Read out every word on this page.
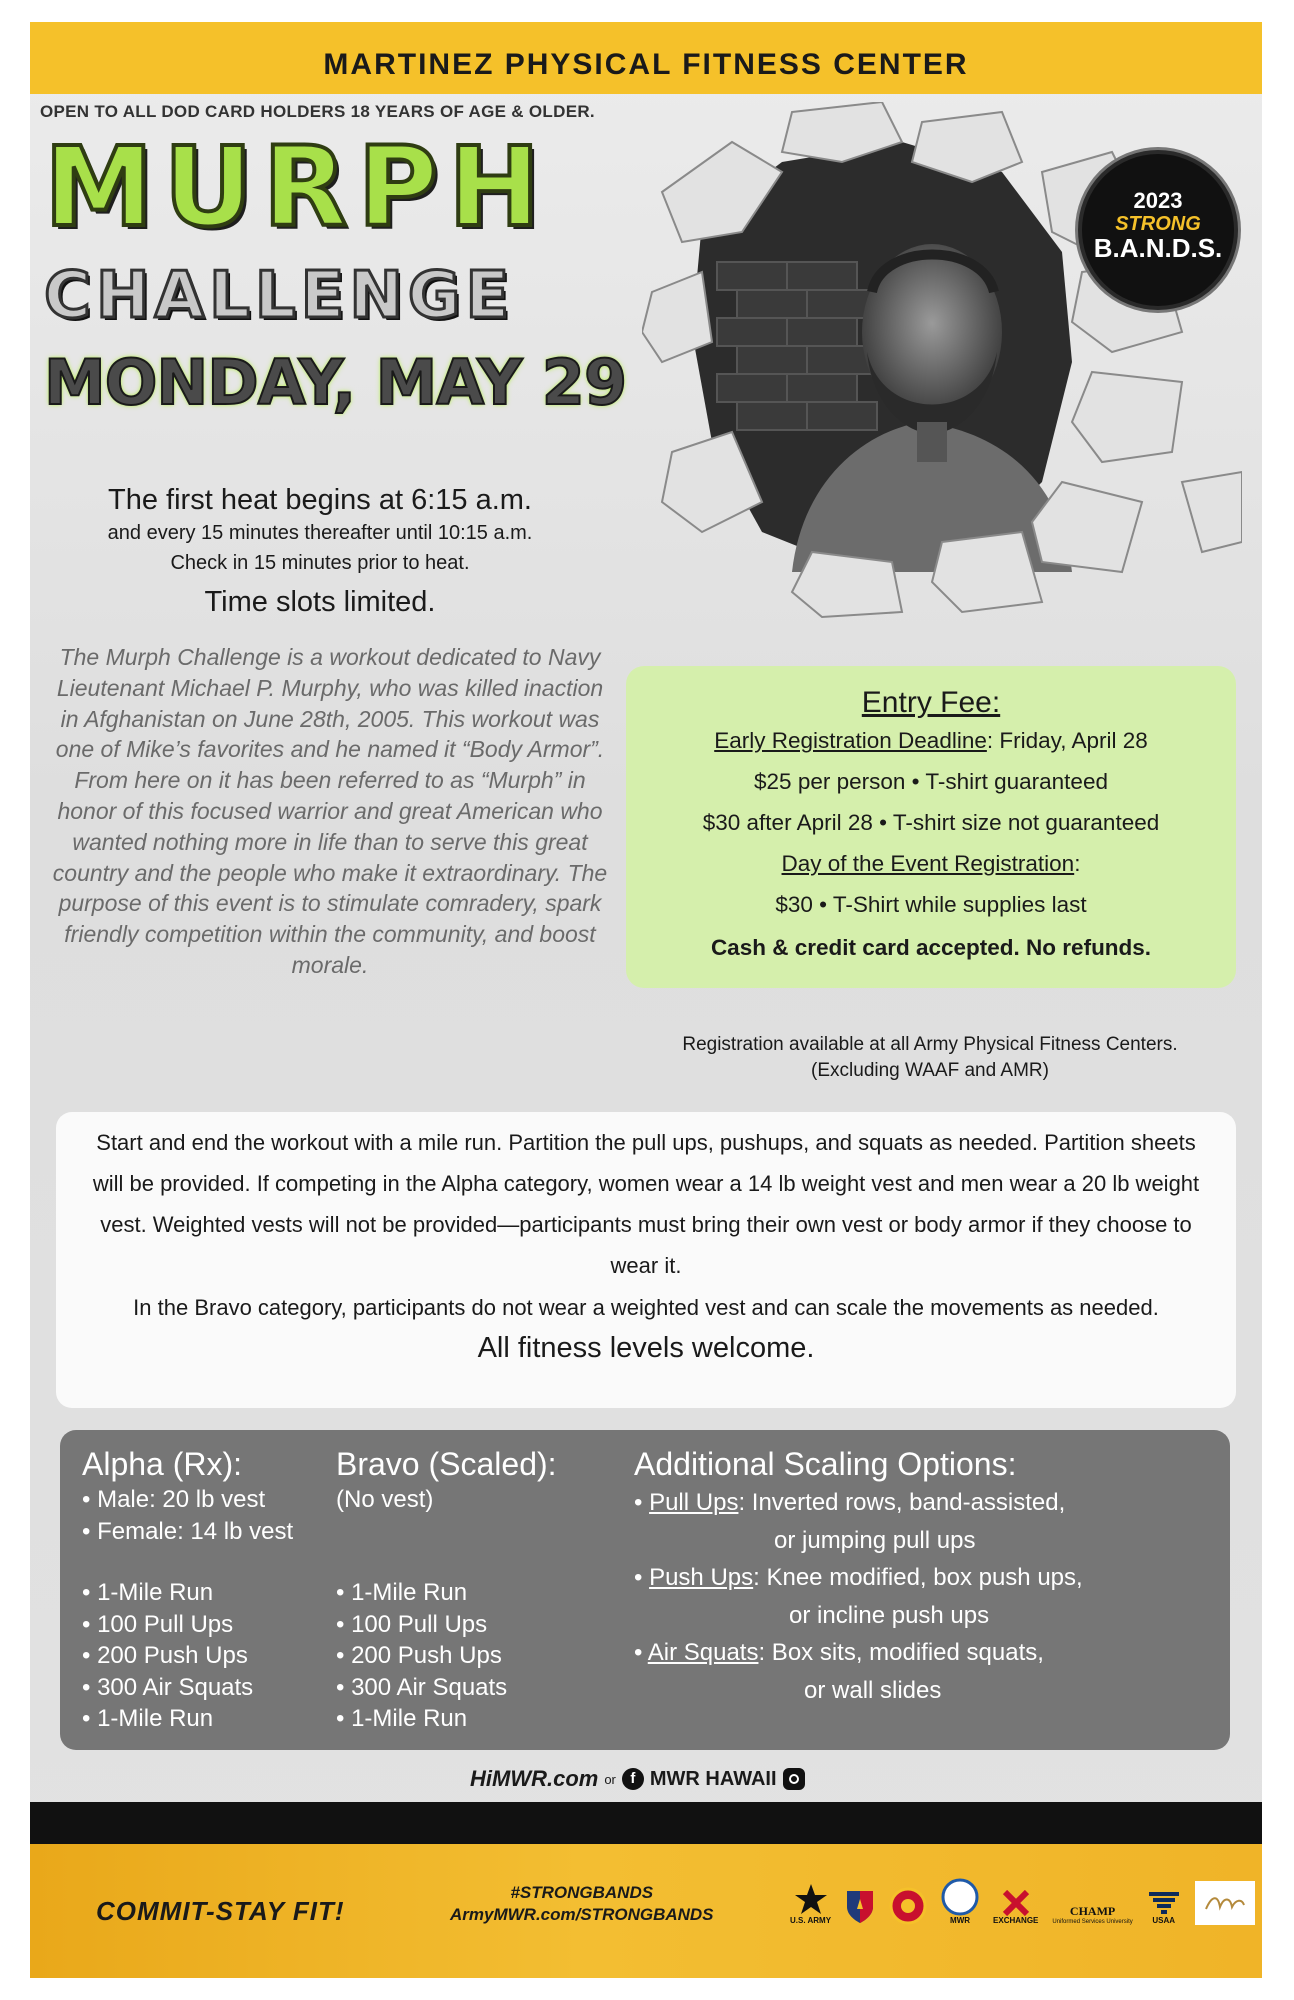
MARTINEZ PHYSICAL FITNESS CENTER
OPEN TO ALL DOD CARD HOLDERS 18 YEARS OF AGE & OLDER.
MURPH
CHALLENGE
MONDAY, MAY 29
2023
STRONG
B.A.N.D.S.
The first heat begins at 6:15 a.m.
and every 15 minutes thereafter until 10:15 a.m.
Check in 15 minutes prior to heat.
Time slots limited.
The Murph Challenge is a workout dedicated to Navy Lieutenant Michael P. Murphy, who was killed inaction in Afghanistan on June 28th, 2005. This workout was one of Mike’s favorites and he named it “Body Armor”. From here on it has been referred to as “Murph” in honor of this focused warrior and great American who wanted nothing more in life than to serve this great country and the people who make it extraordinary. The purpose of this event is to stimulate comradery, spark friendly competition within the community, and boost morale.
Entry Fee:
Early Registration Deadline: Friday, April 28
$25 per person • T-shirt guaranteed
$30 after April 28 • T-shirt size not guaranteed
Day of the Event Registration:
$30 • T-Shirt while supplies last
Cash & credit card accepted. No refunds.
Registration available at all Army Physical Fitness Centers.
(Excluding WAAF and AMR)

Start and end the workout with a mile run. Partition the pull ups, pushups, and squats as needed. Partition sheets will be provided. If competing in the Alpha category, women wear a 14 lb weight vest and men wear a 20 lb weight vest. Weighted vests will not be provided—participants must bring their own vest or body armor if they choose to wear it.

In the Bravo category, participants do not wear a weighted vest and can scale the movements as needed.

All fitness levels welcome.

Alpha (Rx):
• Male: 20 lb vest
• Female: 14 lb vest
• 1-Mile Run
• 100 Pull Ups
• 200 Push Ups
• 300 Air Squats
• 1-Mile Run
Bravo (Scaled):
(No vest)

• 1-Mile Run
• 100 Pull Ups
• 200 Push Ups
• 300 Air Squats
• 1-Mile Run
Additional Scaling Options:
• Pull Ups: Inverted rows, band-assisted,
or jumping pull ups
• Push Ups: Knee modified, box push ups,
or incline push ups
• Air Squats: Box sits, modified squats,
or wall slides
HiMWR.com or f MWR HAWAII
COMMIT-STAY FIT!
#STRONGBANDS
ArmyMWR.com/STRONGBANDS	U.S. ARMY	MWR	EXCHANGE
CHAMP
Uniformed Services University USAA
